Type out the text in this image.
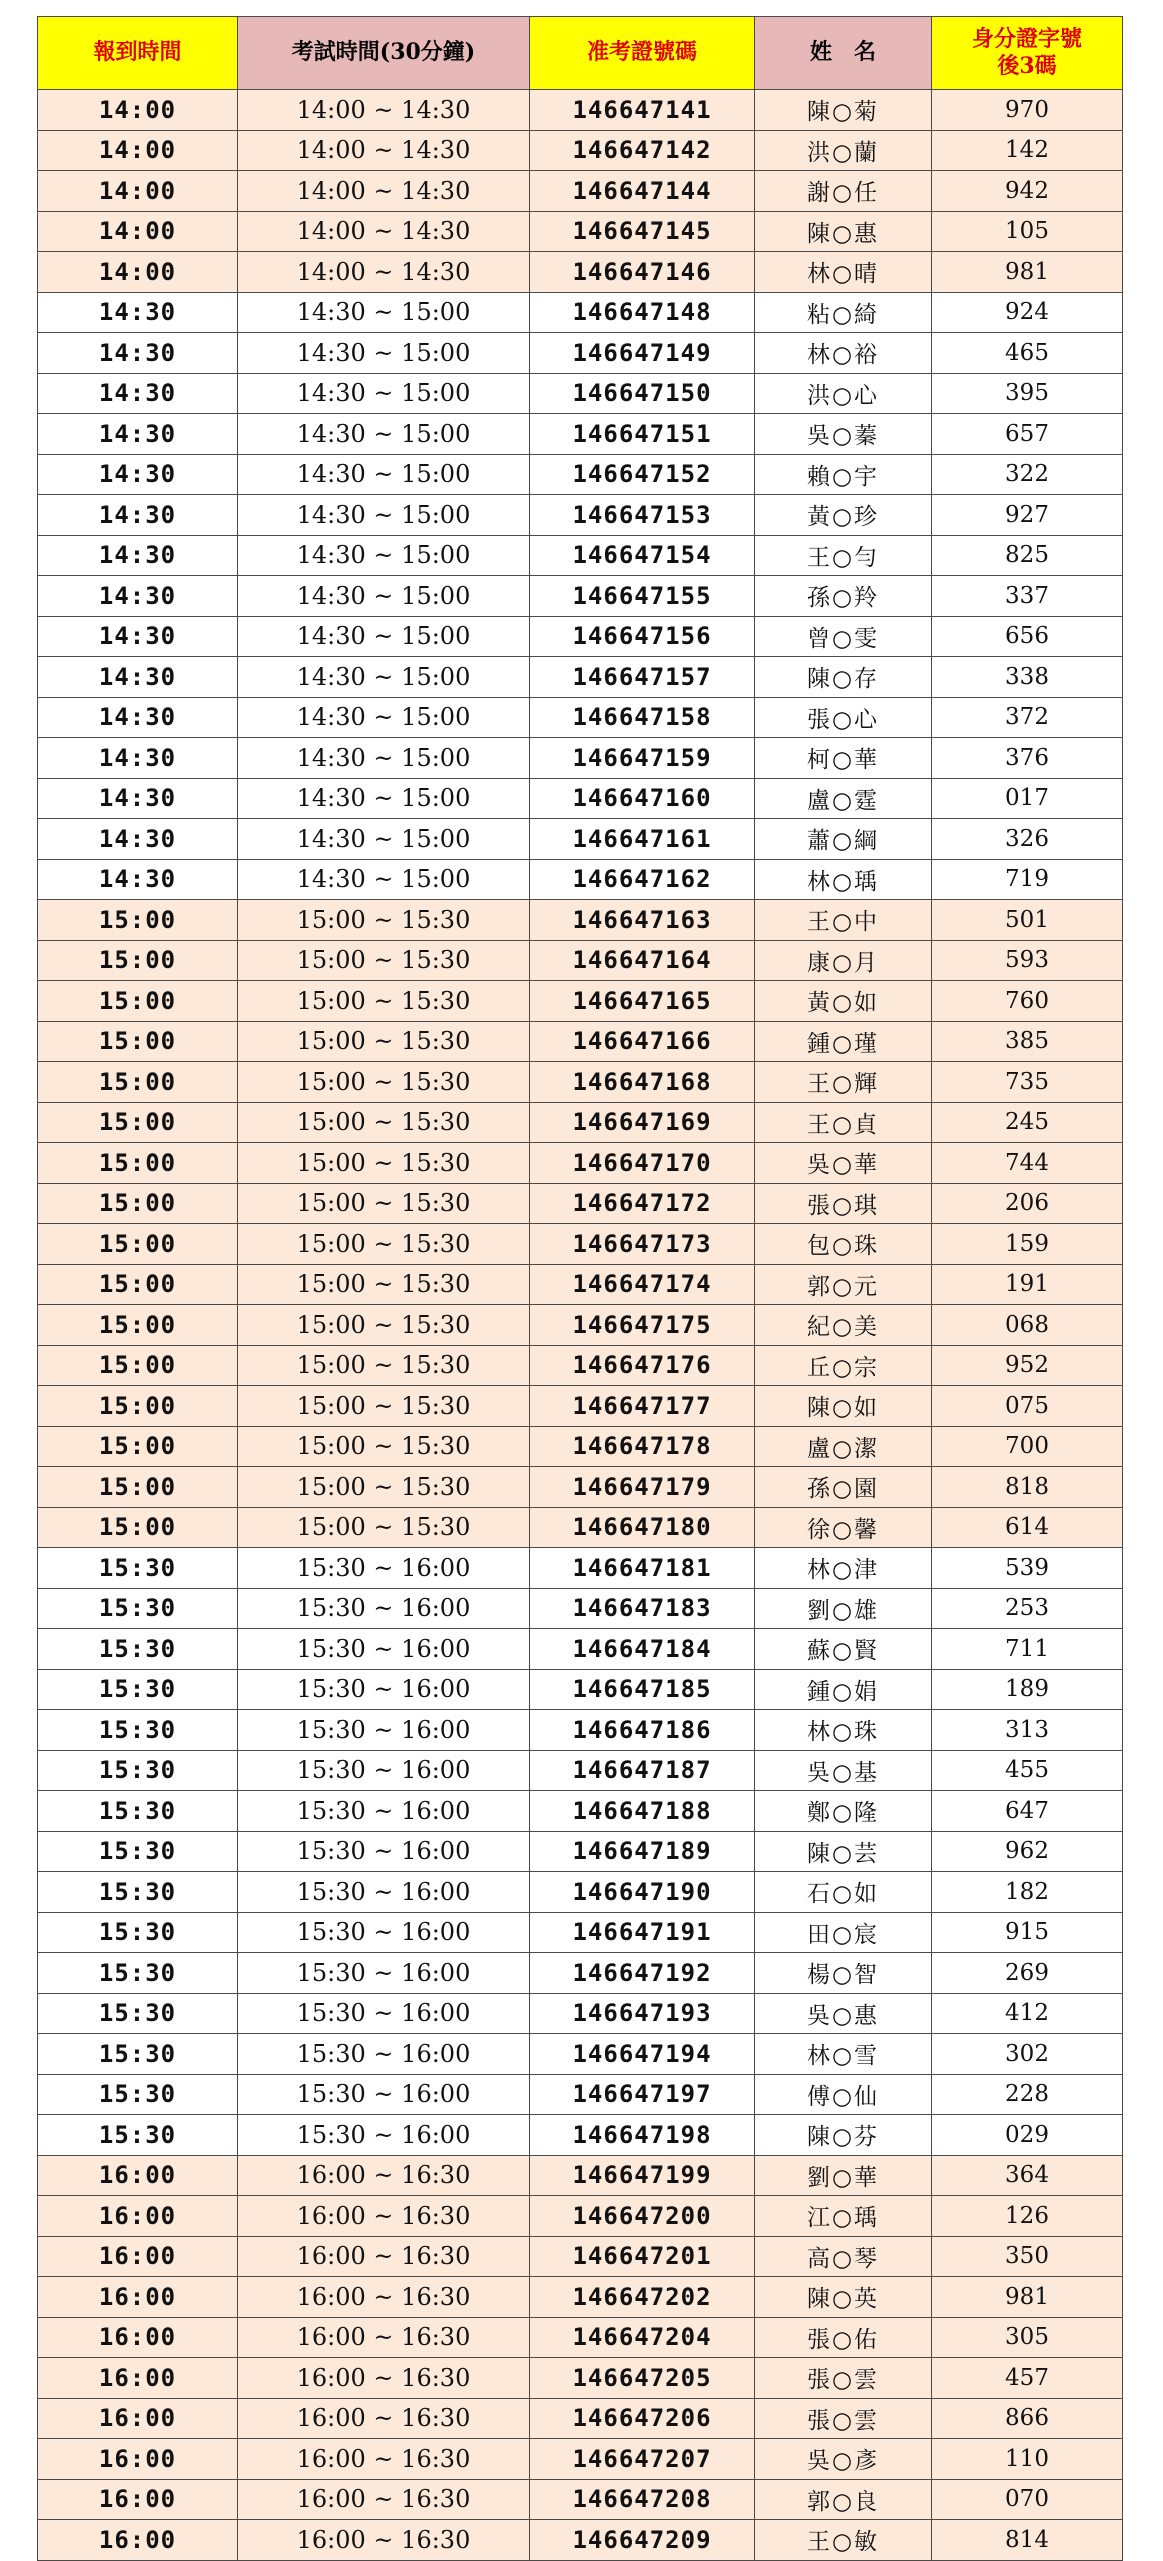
報到時間	考試時間(30分鐘)	准考證號碼	姓　名	身分證字號
後3碼
14:00	14:00 ~ 14:30	146647141	陳○菊	970
14:00	14:00 ~ 14:30	146647142	洪○蘭	142
14:00	14:00 ~ 14:30	146647144	謝○任	942
14:00	14:00 ~ 14:30	146647145	陳○惠	105
14:00	14:00 ~ 14:30	146647146	林○晴	981
14:30	14:30 ~ 15:00	146647148	粘○綺	924
14:30	14:30 ~ 15:00	146647149	林○裕	465
14:30	14:30 ~ 15:00	146647150	洪○心	395
14:30	14:30 ~ 15:00	146647151	吳○蓁	657
14:30	14:30 ~ 15:00	146647152	賴○宇	322
14:30	14:30 ~ 15:00	146647153	黃○珍	927
14:30	14:30 ~ 15:00	146647154	王○勻	825
14:30	14:30 ~ 15:00	146647155	孫○羚	337
14:30	14:30 ~ 15:00	146647156	曾○雯	656
14:30	14:30 ~ 15:00	146647157	陳○存	338
14:30	14:30 ~ 15:00	146647158	張○心	372
14:30	14:30 ~ 15:00	146647159	柯○華	376
14:30	14:30 ~ 15:00	146647160	盧○霆	017
14:30	14:30 ~ 15:00	146647161	蕭○綱	326
14:30	14:30 ~ 15:00	146647162	林○瑀	719
15:00	15:00 ~ 15:30	146647163	王○中	501
15:00	15:00 ~ 15:30	146647164	康○月	593
15:00	15:00 ~ 15:30	146647165	黃○如	760
15:00	15:00 ~ 15:30	146647166	鍾○瑾	385
15:00	15:00 ~ 15:30	146647168	王○輝	735
15:00	15:00 ~ 15:30	146647169	王○貞	245
15:00	15:00 ~ 15:30	146647170	吳○華	744
15:00	15:00 ~ 15:30	146647172	張○琪	206
15:00	15:00 ~ 15:30	146647173	包○珠	159
15:00	15:00 ~ 15:30	146647174	郭○元	191
15:00	15:00 ~ 15:30	146647175	紀○美	068
15:00	15:00 ~ 15:30	146647176	丘○宗	952
15:00	15:00 ~ 15:30	146647177	陳○如	075
15:00	15:00 ~ 15:30	146647178	盧○潔	700
15:00	15:00 ~ 15:30	146647179	孫○園	818
15:00	15:00 ~ 15:30	146647180	徐○馨	614
15:30	15:30 ~ 16:00	146647181	林○津	539
15:30	15:30 ~ 16:00	146647183	劉○雄	253
15:30	15:30 ~ 16:00	146647184	蘇○賢	711
15:30	15:30 ~ 16:00	146647185	鍾○娟	189
15:30	15:30 ~ 16:00	146647186	林○珠	313
15:30	15:30 ~ 16:00	146647187	吳○基	455
15:30	15:30 ~ 16:00	146647188	鄭○隆	647
15:30	15:30 ~ 16:00	146647189	陳○芸	962
15:30	15:30 ~ 16:00	146647190	石○如	182
15:30	15:30 ~ 16:00	146647191	田○宸	915
15:30	15:30 ~ 16:00	146647192	楊○智	269
15:30	15:30 ~ 16:00	146647193	吳○惠	412
15:30	15:30 ~ 16:00	146647194	林○雪	302
15:30	15:30 ~ 16:00	146647197	傅○仙	228
15:30	15:30 ~ 16:00	146647198	陳○芬	029
16:00	16:00 ~ 16:30	146647199	劉○華	364
16:00	16:00 ~ 16:30	146647200	江○瑀	126
16:00	16:00 ~ 16:30	146647201	高○琴	350
16:00	16:00 ~ 16:30	146647202	陳○英	981
16:00	16:00 ~ 16:30	146647204	張○佑	305
16:00	16:00 ~ 16:30	146647205	張○雲	457
16:00	16:00 ~ 16:30	146647206	張○雲	866
16:00	16:00 ~ 16:30	146647207	吳○彥	110
16:00	16:00 ~ 16:30	146647208	郭○良	070
16:00	16:00 ~ 16:30	146647209	王○敏	814
